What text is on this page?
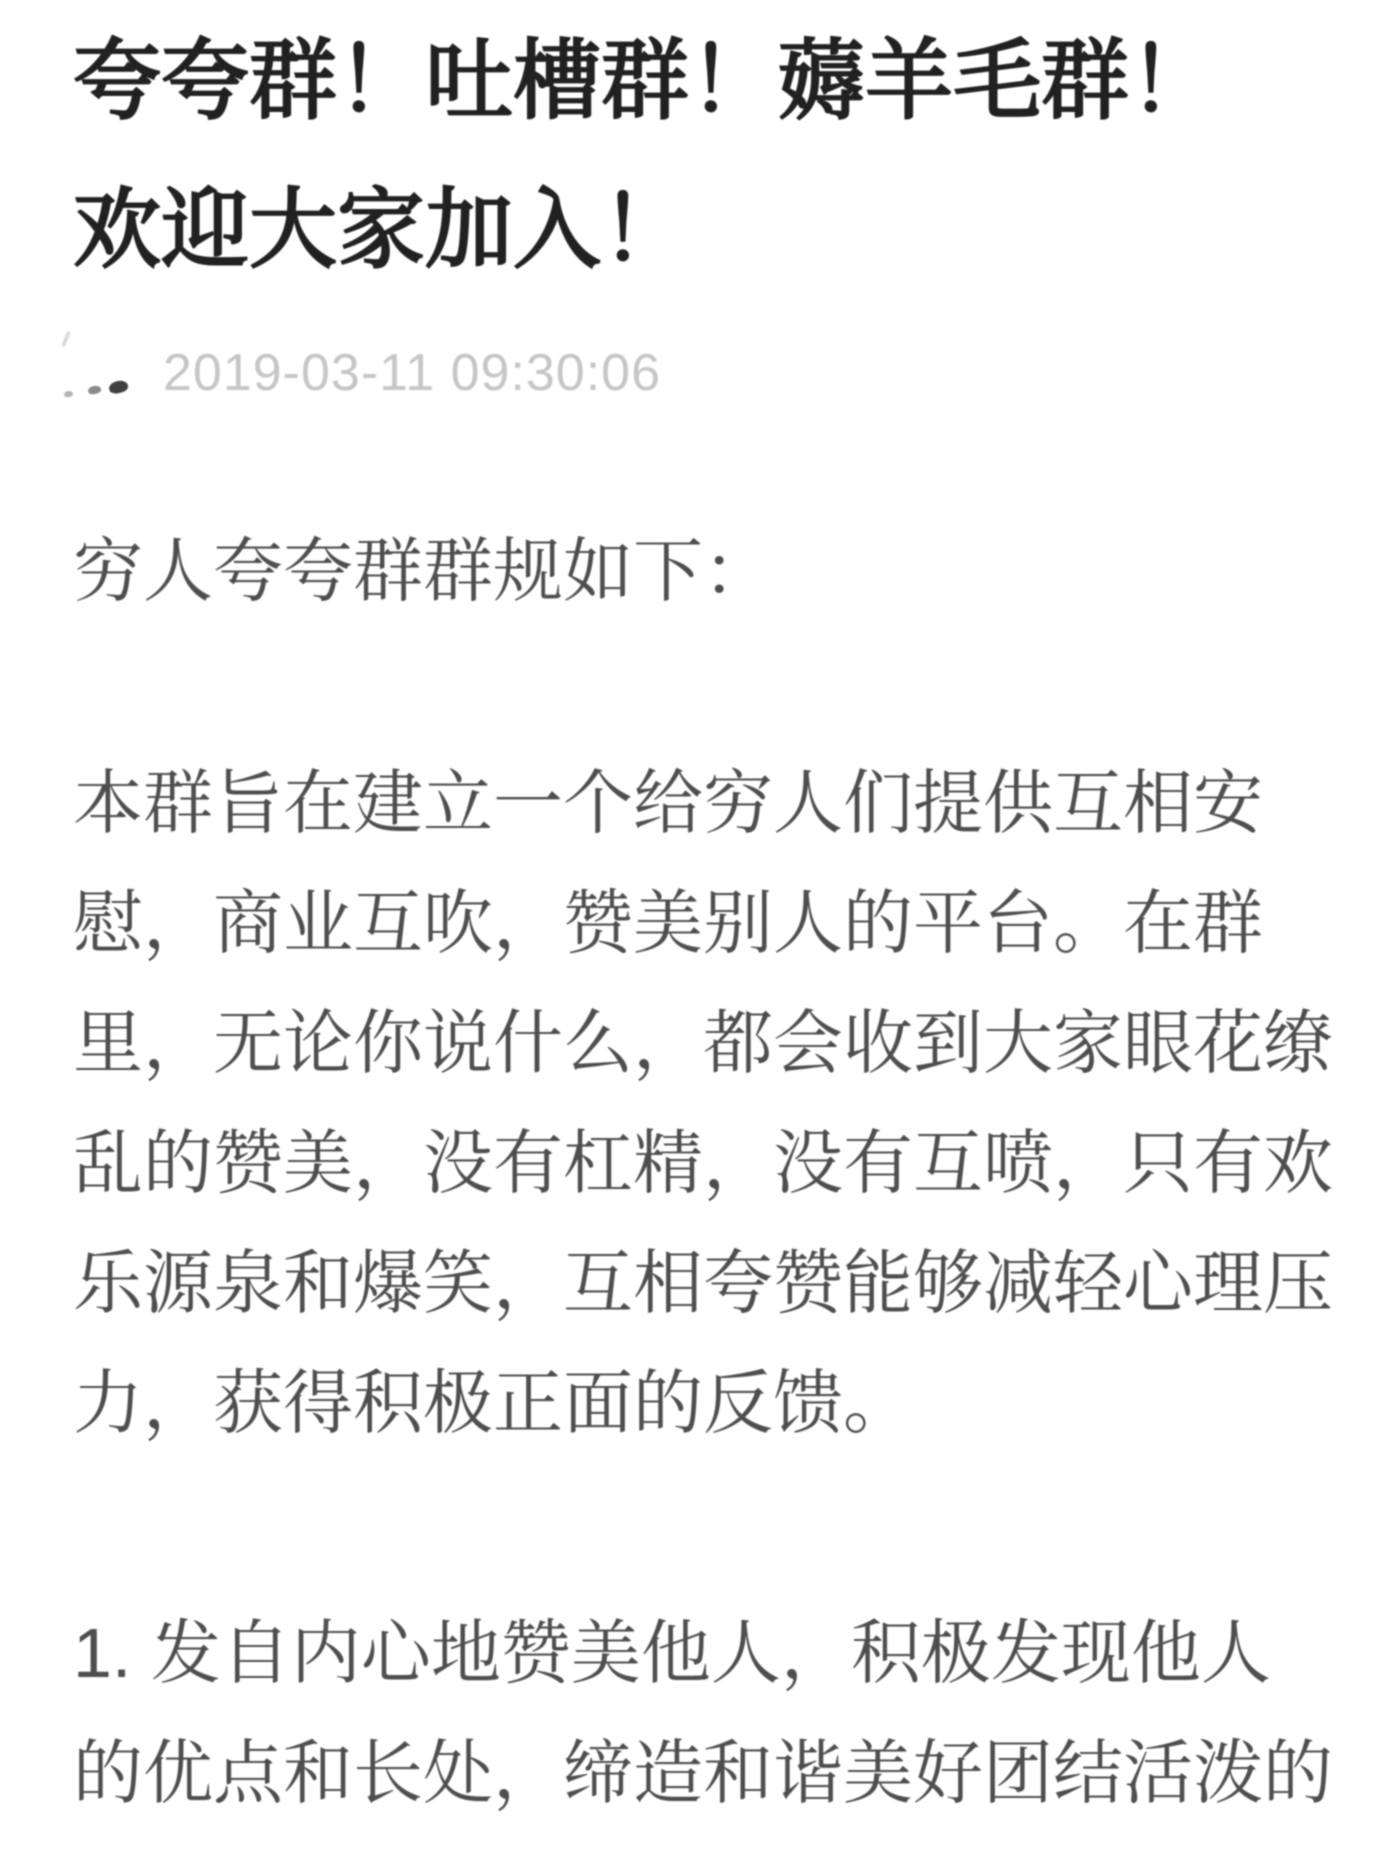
夸夸群！吐槽群！薅羊毛群！
欢迎大家加入！
2019-03-11 09:30:06
穷人夸夸群群规如下：
本群旨在建立一个给穷人们提供互相安
慰，商业互吹，赞美别人的平台。在群
里，无论你说什么，都会收到大家眼花缭
乱的赞美，没有杠精，没有互喷，只有欢
乐源泉和爆笑，互相夸赞能够减轻心理压
力，获得积极正面的反馈。
1. 发自内心地赞美他人，积极发现他人
的优点和长处，缔造和谐美好团结活泼的
